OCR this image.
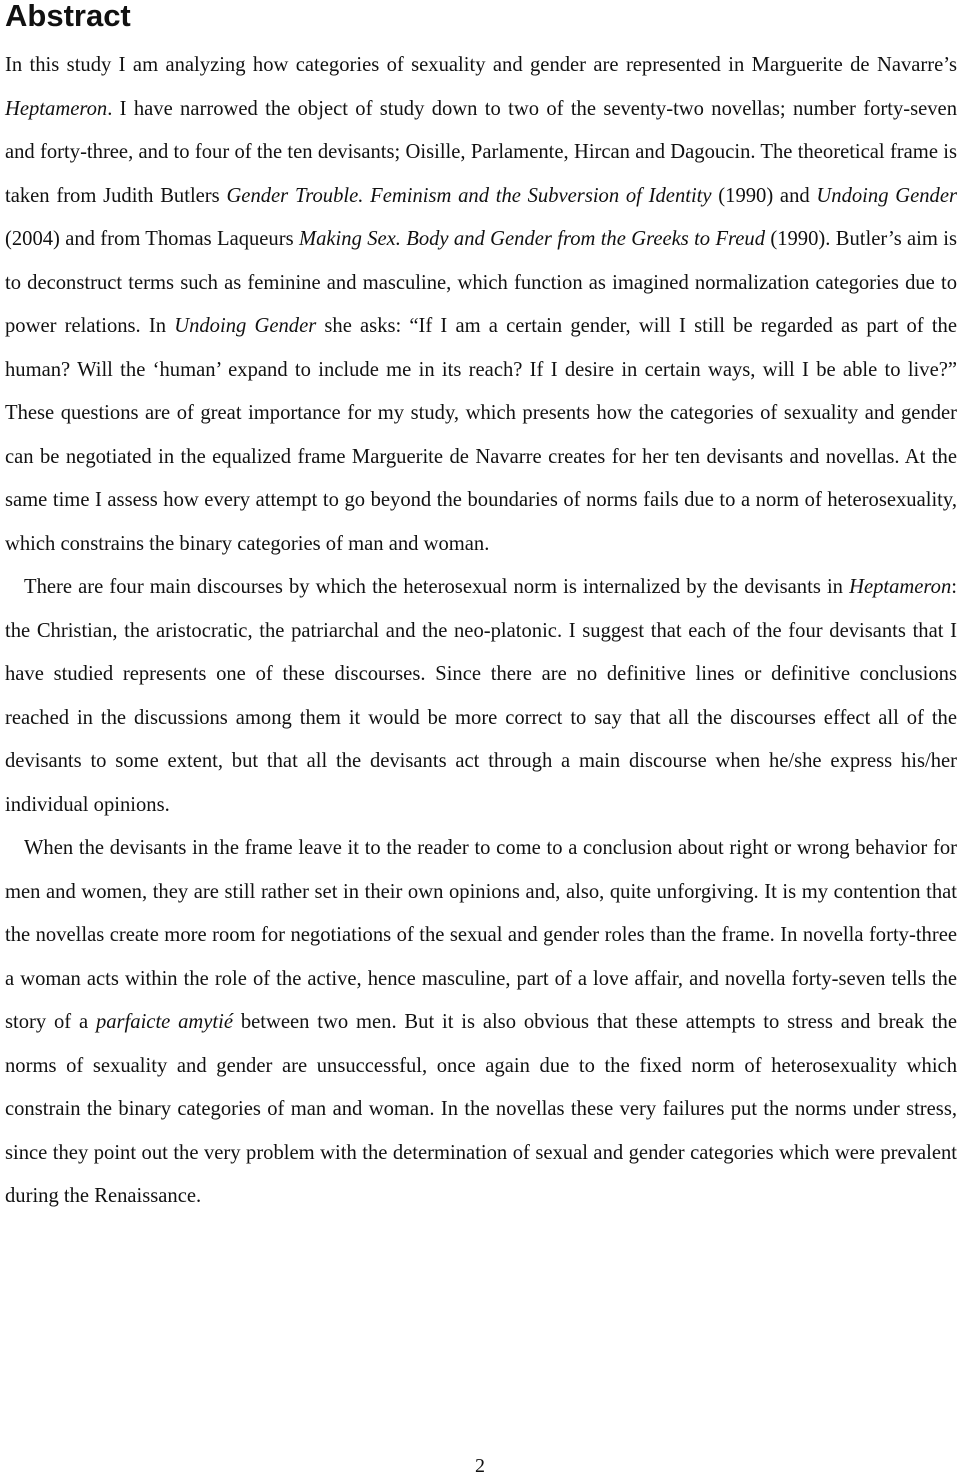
Abstract

In this study I am analyzing how categories of sexuality and gender are represented in Marguerite de Navarre’s Heptameron. I have narrowed the object of study down to two of the seventy-two novellas; number forty-seven and forty-three, and to four of the ten devisants; Oisille, Parlamente, Hircan and Dagoucin. The theoretical frame is taken from Judith Butlers Gender Trouble. Feminism and the Subversion of Identity (1990) and Undoing Gender (2004) and from Thomas Laqueurs Making Sex. Body and Gender from the Greeks to Freud (1990). Butler’s aim is to deconstruct terms such as feminine and masculine, which function as imagined normalization categories due to power relations. In Undoing Gender she asks: “If I am a certain gender, will I still be regarded as part of the human? Will the ‘human’ expand to include me in its reach? If I desire in certain ways, will I be able to live?” These questions are of great importance for my study, which presents how the categories of sexuality and gender can be negotiated in the equalized frame Marguerite de Navarre creates for her ten devisants and novellas. At the same time I assess how every attempt to go beyond the boundaries of norms fails due to a norm of heterosexuality, which constrains the binary categories of man and woman.

There are four main discourses by which the heterosexual norm is internalized by the devisants in Heptameron: the Christian, the aristocratic, the patriarchal and the neo-platonic. I suggest that each of the four devisants that I have studied represents one of these discourses. Since there are no definitive lines or definitive conclusions reached in the discussions among them it would be more correct to say that all the discourses effect all of the devisants to some extent, but that all the devisants act through a main discourse when he/she express his/her individual opinions.

When the devisants in the frame leave it to the reader to come to a conclusion about right or wrong behavior for men and women, they are still rather set in their own opinions and, also, quite unforgiving. It is my contention that the novellas create more room for negotiations of the sexual and gender roles than the frame. In novella forty-three a woman acts within the role of the active, hence masculine, part of a love affair, and novella forty-seven tells the story of a parfaicte amytié between two men. But it is also obvious that these attempts to stress and break the norms of sexuality and gender are unsuccessful, once again due to the fixed norm of heterosexuality which constrain the binary categories of man and woman. In the novellas these very failures put the norms under stress, since they point out the very problem with the determination of sexual and gender categories which were prevalent during the Renaissance.

2
